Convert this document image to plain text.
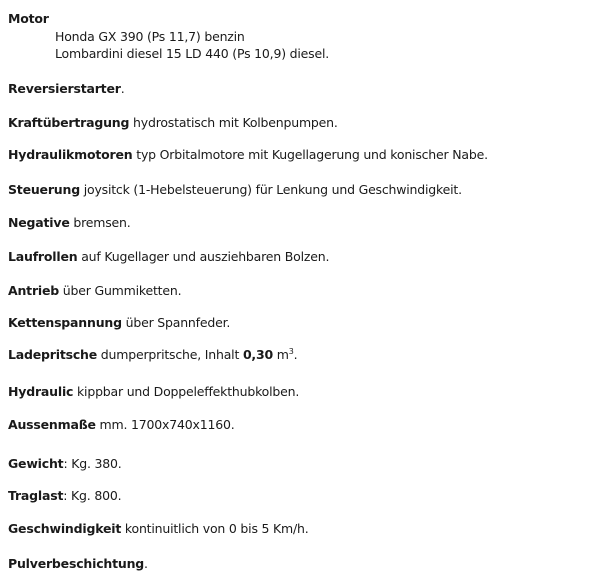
Motor
Honda GX 390 (Ps 11,7) benzin
Lombardini diesel 15 LD 440 (Ps 10,9) diesel.
Reversierstarter.
Kraftübertragung hydrostatisch mit Kolbenpumpen.
Hydraulikmotoren typ Orbitalmotore mit Kugellagerung und konischer Nabe.
Steuerung joysitck (1-Hebelsteuerung) für Lenkung und Geschwindigkeit.
Negative bremsen.
Laufrollen auf Kugellager und ausziehbaren Bolzen.
Antrieb über Gummiketten.
Kettenspannung über Spannfeder.
Ladepritsche dumperpritsche, Inhalt 0,30 $m^3$.
Hydraulic kippbar und Doppeleffekthubkolben.
Aussenmaße mm. 1700x740x1160.
Gewicht: Kg. 380.
Traglast: Kg. 800.
Geschwindigkeit kontinuitlich von 0 bis 5 Km/h.
Pulverbeschichtung.
